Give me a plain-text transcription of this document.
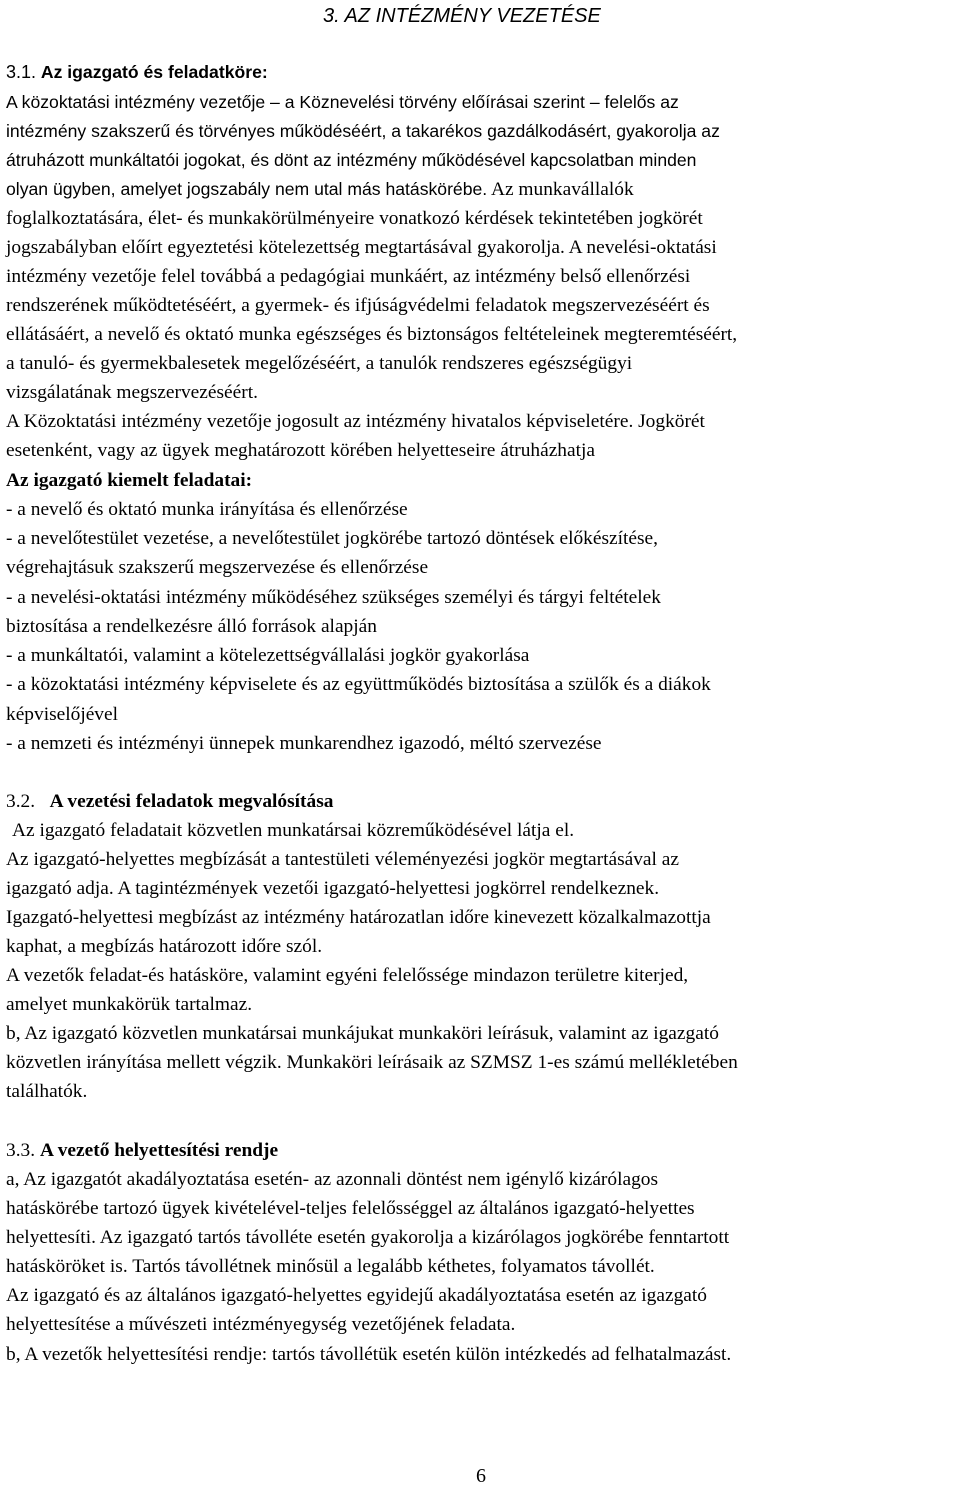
3. AZ INTÉZMÉNY VEZETÉSE
3.1. Az igazgató és feladatköre:
A közoktatási intézmény vezetője – a Köznevelési törvény előírásai szerint – felelős az
intézmény szakszerű és törvényes működéséért, a takarékos gazdálkodásért, gyakorolja az
átruházott munkáltatói jogokat, és dönt az intézmény működésével kapcsolatban minden
olyan ügyben, amelyet jogszabály nem utal más hatáskörébe. Az munkavállalók
foglalkoztatására, élet- és munkakörülményeire vonatkozó kérdések tekintetében jogkörét
jogszabályban előírt egyeztetési kötelezettség megtartásával gyakorolja. A nevelési-oktatási
intézmény vezetője felel továbbá a pedagógiai munkáért, az intézmény belső ellenőrzési
rendszerének működtetéséért, a gyermek- és ifjúságvédelmi feladatok megszervezéséért és
ellátásáért, a nevelő és oktató munka egészséges és biztonságos feltételeinek megteremtéséért,
a tanuló- és gyermekbalesetek megelőzéséért, a tanulók rendszeres egészségügyi
vizsgálatának megszervezéséért.
A Közoktatási intézmény vezetője jogosult az intézmény hivatalos képviseletére. Jogkörét
esetenként, vagy az ügyek meghatározott körében helyetteseire átruházhatja
Az igazgató kiemelt feladatai:
- a nevelő és oktató munka irányítása és ellenőrzése
- a nevelőtestület vezetése, a nevelőtestület jogkörébe tartozó döntések előkészítése,
végrehajtásuk szakszerű megszervezése és ellenőrzése
- a nevelési-oktatási intézmény működéséhez szükséges személyi és tárgyi feltételek
biztosítása a rendelkezésre álló források alapján
- a munkáltatói, valamint a kötelezettségvállalási jogkör gyakorlása
- a közoktatási intézmény képviselete és az együttműködés biztosítása a szülők és a diákok
képviselőjével
- a nemzeti és intézményi ünnepek munkarendhez igazodó, méltó szervezése
3.2. A vezetési feladatok megvalósítása
Az igazgató feladatait közvetlen munkatársai közreműködésével látja el.
Az igazgató-helyettes megbízását a tantestületi véleményezési jogkör megtartásával az
igazgató adja. A tagintézmények vezetői igazgató-helyettesi jogkörrel rendelkeznek.
Igazgató-helyettesi megbízást az intézmény határozatlan időre kinevezett közalkalmazottja
kaphat, a megbízás határozott időre szól.
A vezetők feladat-és hatásköre, valamint egyéni felelőssége mindazon területre kiterjed,
amelyet munkakörük tartalmaz.
b, Az igazgató közvetlen munkatársai munkájukat munkaköri leírásuk, valamint az igazgató
közvetlen irányítása mellett végzik. Munkaköri leírásaik az SZMSZ 1-es számú mellékletében
találhatók.
3.3. A vezető helyettesítési rendje
a, Az igazgatót akadályoztatása esetén- az azonnali döntést nem igénylő kizárólagos
hatáskörébe tartozó ügyek kivételével-teljes felelősséggel az általános igazgató-helyettes
helyettesíti. Az igazgató tartós távolléte esetén gyakorolja a kizárólagos jogkörébe fenntartott
hatásköröket is. Tartós távollétnek minősül a legalább kéthetes, folyamatos távollét.
Az igazgató és az általános igazgató-helyettes egyidejű akadályoztatása esetén az igazgató
helyettesítése a művészeti intézményegység vezetőjének feladata.
b, A vezetők helyettesítési rendje: tartós távollétük esetén külön intézkedés ad felhatalmazást.
6
